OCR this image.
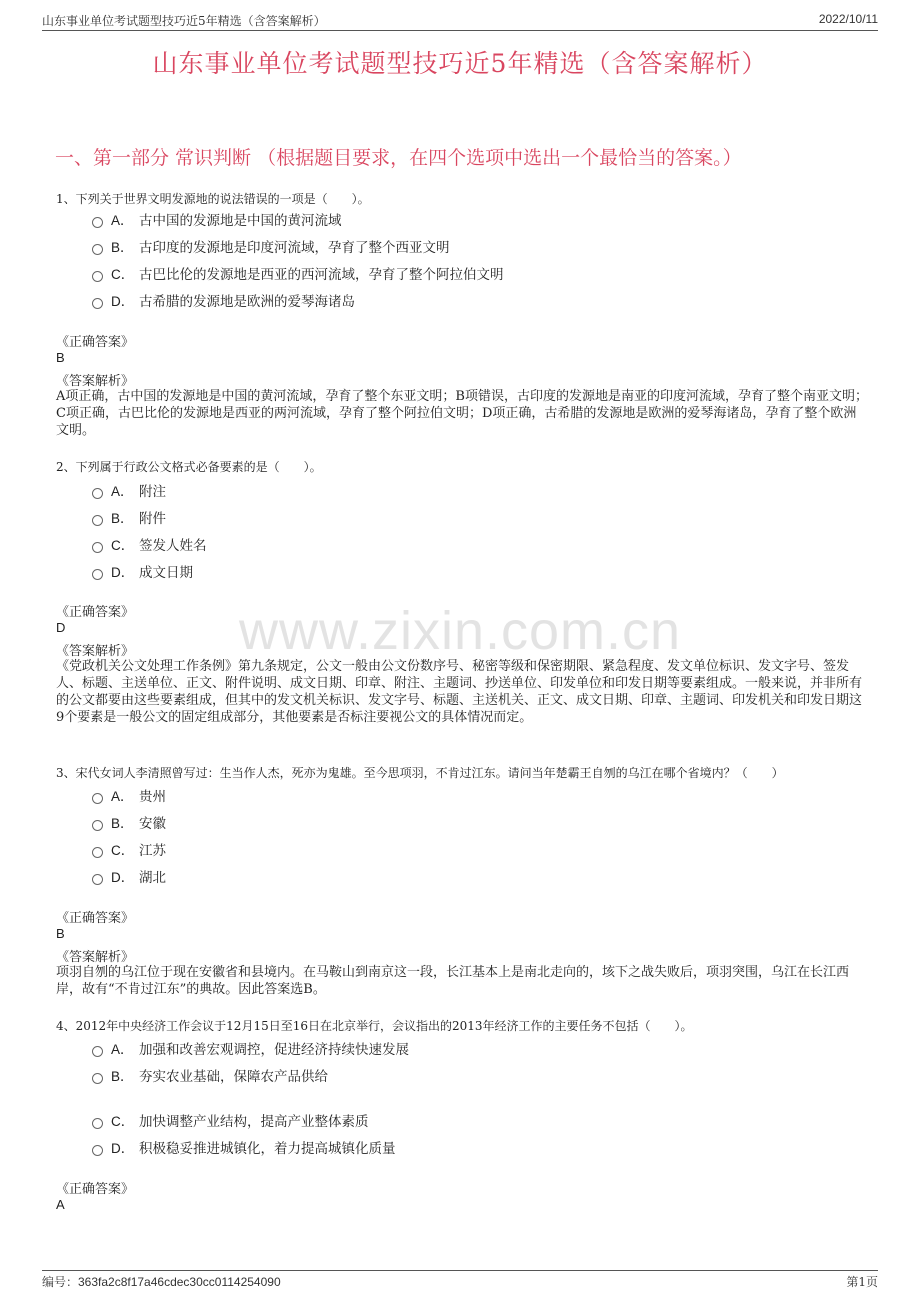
山东事业单位考试题型技巧近5年精选（含答案解析）	2022/10/11
山东事业单位考试题型技巧近5年精选（含答案解析）
一、第一部分 常识判断 （根据题目要求，在四个选项中选出一个最恰当的答案。）
www.zixin.com.cn
1、下列关于世界文明发源地的说法错误的一项是（　　）。
A． 古中国的发源地是中国的黄河流域
B． 古印度的发源地是印度河流域，孕育了整个西亚文明
C． 古巴比伦的发源地是西亚的西河流域，孕育了整个阿拉伯文明
D． 古希腊的发源地是欧洲的爱琴海诸岛
《正确答案》
B
《答案解析》
A项正确，古中国的发源地是中国的黄河流域，孕育了整个东亚文明；B项错误，古印度的发源地是南亚的印度河流域，孕育了整个南亚文明；C项正确，古巴比伦的发源地是西亚的两河流域，孕育了整个阿拉伯文明；D项正确，古希腊的发源地是欧洲的爱琴海诸岛，孕育了整个欧洲文明。
2、下列属于行政公文格式必备要素的是（　　）。
A． 附注
B． 附件
C． 签发人姓名
D． 成文日期
《正确答案》
D
《答案解析》
《党政机关公文处理工作条例》第九条规定，公文一般由公文份数序号、秘密等级和保密期限、紧急程度、发文单位标识、发文字号、签发人、标题、主送单位、正文、附件说明、成文日期、印章、附注、主题词、抄送单位、印发单位和印发日期等要素组成。一般来说，并非所有的公文都要由这些要素组成，但其中的发文机关标识、发文字号、标题、主送机关、正文、成文日期、印章、主题词、印发机关和印发日期这9个要素是一般公文的固定组成部分，其他要素是否标注要视公文的具体情况而定。
3、宋代女词人李清照曾写过：生当作人杰，死亦为鬼雄。至今思项羽，不肯过江东。请问当年楚霸王自刎的乌江在哪个省境内？（　　）
A． 贵州
B． 安徽
C． 江苏
D． 湖北
《正确答案》
B
《答案解析》
项羽自刎的乌江位于现在安徽省和县境内。在马鞍山到南京这一段，长江基本上是南北走向的，垓下之战失败后，项羽突围，乌江在长江西岸，故有“不肯过江东”的典故。因此答案选B。
4、2012年中央经济工作会议于12月15日至16日在北京举行，会议指出的2013年经济工作的主要任务不包括（　　）。
A． 加强和改善宏观调控，促进经济持续快速发展
B． 夯实农业基础，保障农产品供给
C． 加快调整产业结构，提高产业整体素质
D． 积极稳妥推进城镇化，着力提高城镇化质量
《正确答案》
A
编号：363fa2c8f17a46cdec30cc0114254090	第1页
